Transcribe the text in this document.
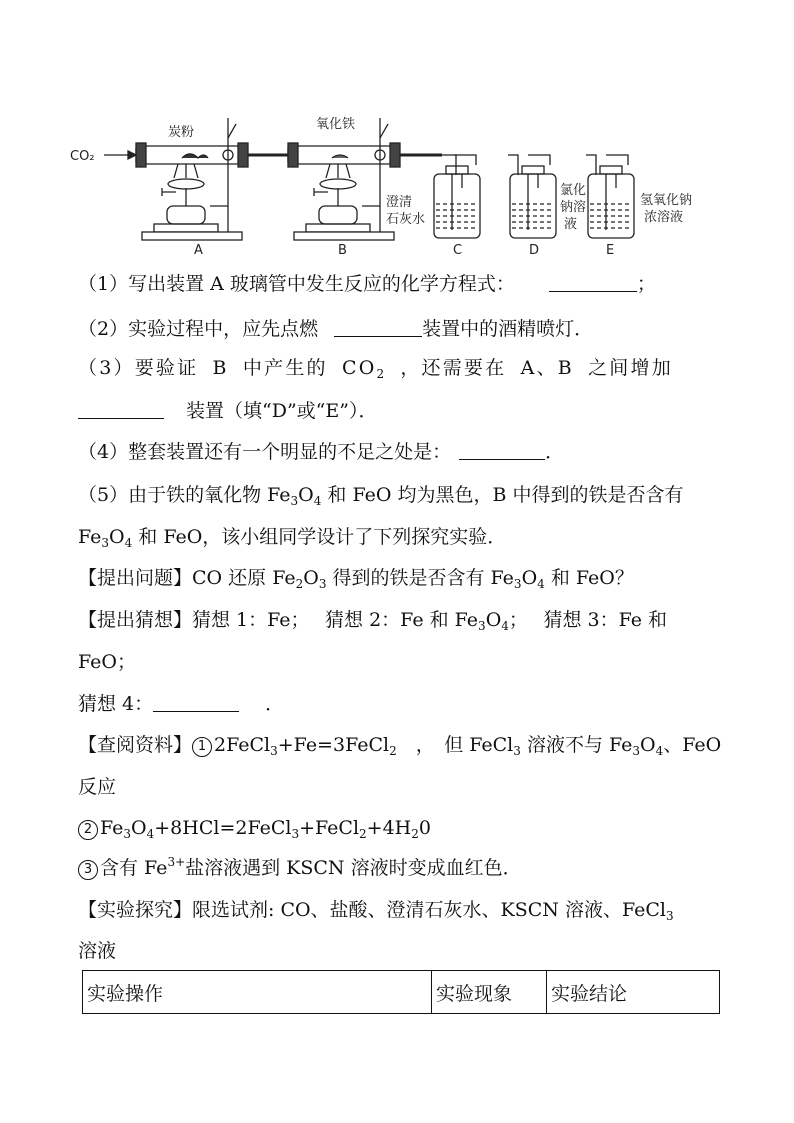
CO₂
炭粉
氧化铁
澄清
石灰水
氯化
钠溶
液
氢氧化钠
浓溶液
A	B	C	D	E
（1）写出装置 A 玻璃管中发生反应的化学方程式：	；
（2）实验过程中，应先点燃	装置中的酒精喷灯．
（3）要验证 B 中产生的 $CO_2$ ，还需要在 A、B 之间增加
装置（填“D”或“E”）．
（4）整套装置还有一个明显的不足之处是：	．
（5）由于铁的氧化物 $Fe_3O_4$ 和 FeO 均为黑色，B 中得到的铁是否含有
$Fe_3O_4$ 和 FeO，该小组同学设计了下列探究实验．
【提出问题】CO 还原 $Fe_2O_3$ 得到的铁是否含有 $Fe_3O_4$ 和 FeO？
【提出猜想】猜想 1：Fe；　 猜想 2：Fe 和 $Fe_3O_4$；　 猜想 3：Fe 和
FeO；
猜想 4：	．
【查阅资料】 1 2FeCl$_3$+Fe=3FeCl$_2$　，　但 FeCl$_3$ 溶液不与 $Fe_3O_4$、FeO
反应
2 $Fe_3O_4+8HCl=2FeCl_3+FeCl_2+4H_20$
3 含有 $Fe^{3+}$盐溶液遇到 KSCN 溶液时变成血红色．
【实验探究】限选试剂: CO、盐酸、澄清石灰水、KSCN 溶液、FeCl$_3$
溶液
实验操作	实验现象	实验结论
